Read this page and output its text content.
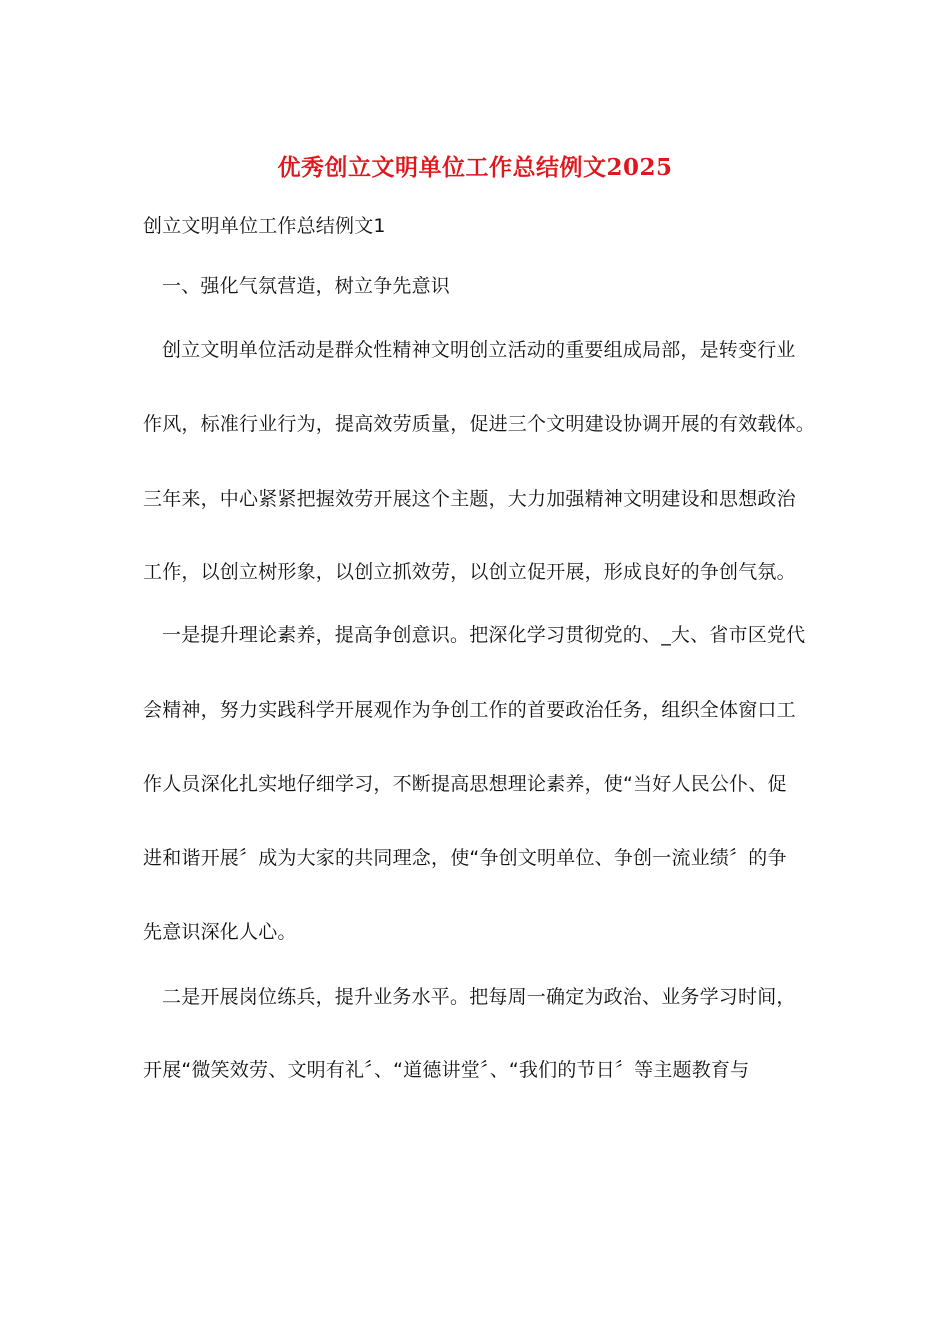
优秀创立文明单位工作总结例文2025
创立文明单位工作总结例文1
一、强化气氛营造，树立争先意识
创立文明单位活动是群众性精神文明创立活动的重要组成局部，是转变行业
作风，标准行业行为，提高效劳质量，促进三个文明建设协调开展的有效载体。
三年来，中心紧紧把握效劳开展这个主题，大力加强精神文明建设和思想政治
工作，以创立树形象，以创立抓效劳，以创立促开展，形成良好的争创气氛。
一是提升理论素养，提高争创意识。把深化学习贯彻党的、_大、省市区党代
会精神，努力实践科学开展观作为争创工作的首要政治任务，组织全体窗口工
作人员深化扎实地仔细学习，不断提高思想理论素养，使“当好人民公仆、促
进和谐开展〞成为大家的共同理念，使“争创文明单位、争创一流业绩〞的争
先意识深化人心。
二是开展岗位练兵，提升业务水平。把每周一确定为政治、业务学习时间，
开展“微笑效劳、文明有礼〞、“道德讲堂〞、“我们的节日〞等主题教育与
